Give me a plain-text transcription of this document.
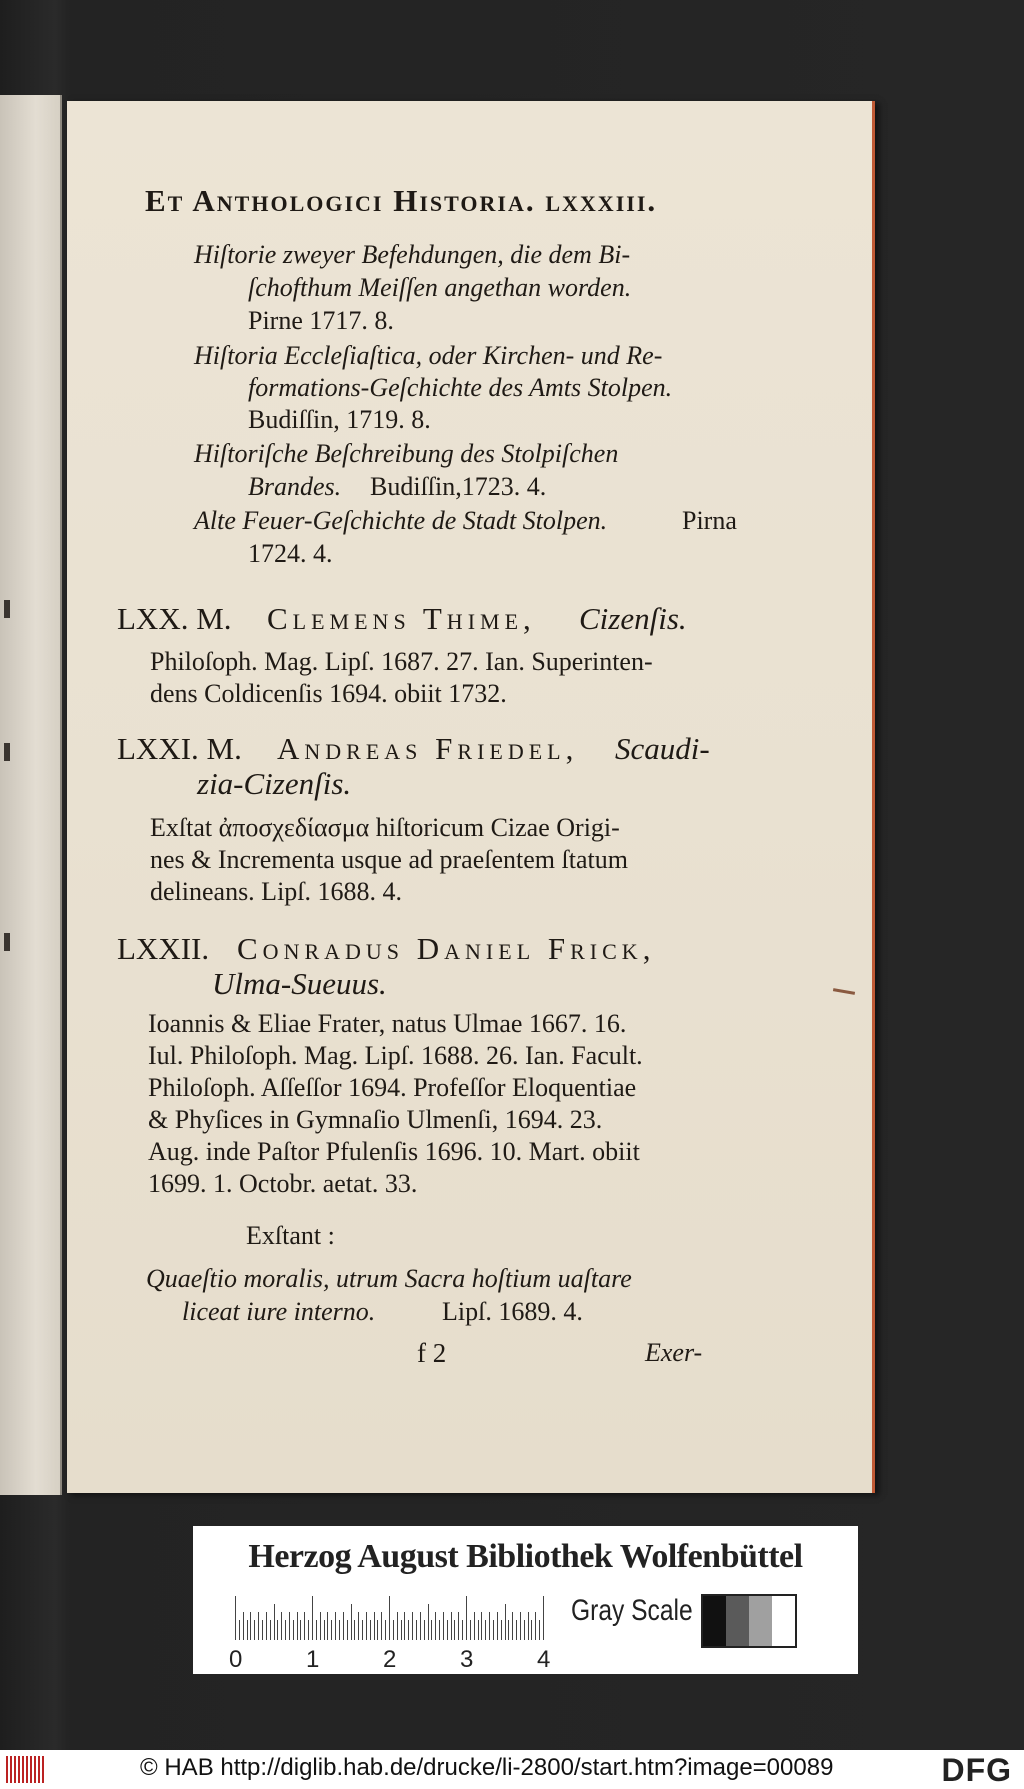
Et Anthologici Historia. lxxxiii.
Hiſtorie zweyer Befehdungen, die dem Bi-
ſchofthum Meiſſen angethan worden.
Pirne 1717. 8.
Hiſtoria Eccleſiaſtica, oder Kirchen- und Re-
formations-Geſchichte des Amts Stolpen.
Budiſſin, 1719. 8.
Hiſtoriſche Beſchreibung des Stolpiſchen
Brandes. Budiſſin,1723. 4.
Alte Feuer-Geſchichte de Stadt Stolpen.	Pirna
1724. 4.
LXX. M. Clemens Thime, Cizenſis.
Philoſoph. Mag. Lipſ. 1687. 27. Ian. Superinten-
dens Coldicenſis 1694. obiit 1732.
LXXI. M. Andreas Friedel, Scaudi-
zia-Cizenſis.
Exſtat ἀποσχεδίασμα hiſtoricum Cizae Origi-
nes & Incrementa usque ad praeſentem ſtatum
delineans. Lipſ. 1688. 4.
LXXII. Conradus Daniel Frick,
Ulma-Sueuus.
Ioannis & Eliae Frater, natus Ulmae 1667. 16.
Iul. Philoſoph. Mag. Lipſ. 1688. 26. Ian. Facult.
Philoſoph. Aſſeſſor 1694. Profeſſor Eloquentiae
& Phyſices in Gymnaſio Ulmenſi, 1694. 23.
Aug. inde Paſtor Pfulenſis 1696. 10. Mart. obiit
1699. 1. Octobr. aetat. 33.
Exſtant :
Quaeſtio moralis, utrum Sacra hoſtium uaſtare
liceat iure interno.	Lipſ. 1689. 4.
f 2	Exer-
Herzog August Bibliothek Wolfenbüttel
0	1	2	3	4
Gray Scale
© HAB http://diglib.hab.de/drucke/li-2800/start.htm?image=00089	DFG
